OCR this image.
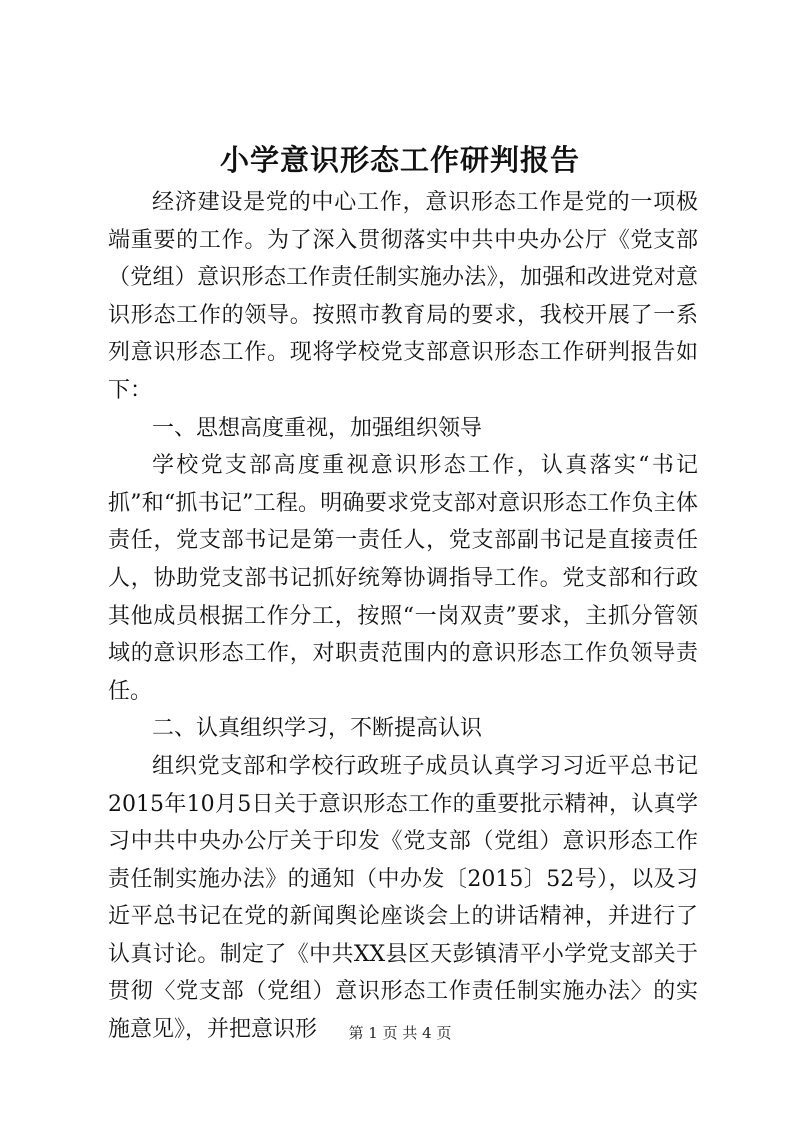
小学意识形态工作研判报告

经济建设是党的中心工作，意识形态工作是党的一项极端重要的工作。为了深入贯彻落实中共中央办公厅《党支部（党组）意识形态工作责任制实施办法》，加强和改进党对意识形态工作的领导。按照市教育局的要求，我校开展了一系列意识形态工作。现将学校党支部意识形态工作研判报告如下：

一、思想高度重视，加强组织领导

学校党支部高度重视意识形态工作，认真落实“书记抓”和“抓书记”工程。明确要求党支部对意识形态工作负主体责任，党支部书记是第一责任人，党支部副书记是直接责任人，协助党支部书记抓好统筹协调指导工作。党支部和行政其他成员根据工作分工，按照“一岗双责”要求，主抓分管领域的意识形态工作，对职责范围内的意识形态工作负领导责任。

二、认真组织学习，不断提高认识

组织党支部和学校行政班子成员认真学习习近平总书记2015年10月5日关于意识形态工作的重要批示精神，认真学习中共中央办公厅关于印发《党支部（党组）意识形态工作责任制实施办法》的通知（中办发〔2015〕52号），以及习近平总书记在党的新闻舆论座谈会上的讲话精神，并进行了认真讨论。制定了《中共XX县区天彭镇清平小学党支部关于贯彻〈党支部（党组）意识形态工作责任制实施办法〉的实施意见》，并把意识形	第 1 页 共 4 页
